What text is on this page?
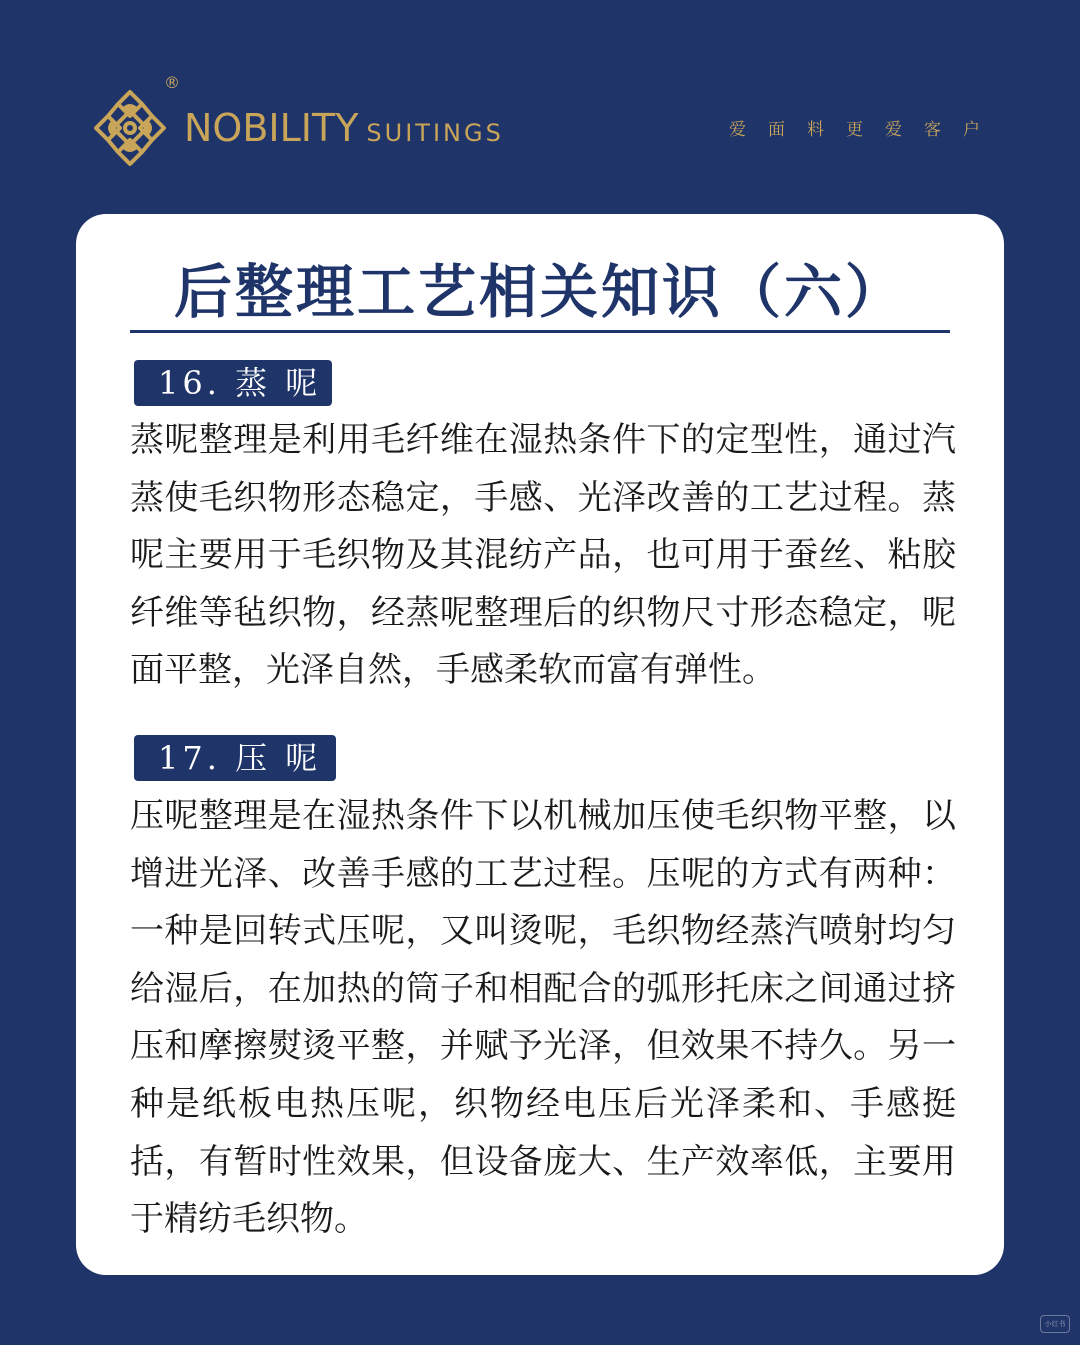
®
NOBILITY SUITINGS	爱面料更爱客户
后整理工艺相关知识（六）
16. 蒸 呢

蒸呢整理是利用毛纤维在湿热条件下的定型性，通过汽蒸使毛织物形态稳定，手感、光泽改善的工艺过程。蒸呢主要用于毛织物及其混纺产品，也可用于蚕丝、粘胶纤维等毡织物，经蒸呢整理后的织物尺寸形态稳定，呢面平整，光泽自然，手感柔软而富有弹性。

17. 压 呢

压呢整理是在湿热条件下以机械加压使毛织物平整，以增进光泽、改善手感的工艺过程。压呢的方式有两种：一种是回转式压呢，又叫烫呢，毛织物经蒸汽喷射均匀给湿后，在加热的筒子和相配合的弧形托床之间通过挤压和摩擦熨烫平整，并赋予光泽，但效果不持久。另一种是纸板电热压呢，织物经电压后光泽柔和、手感挺括，有暂时性效果，但设备庞大、生产效率低，主要用于精纺毛织物。

小红书
